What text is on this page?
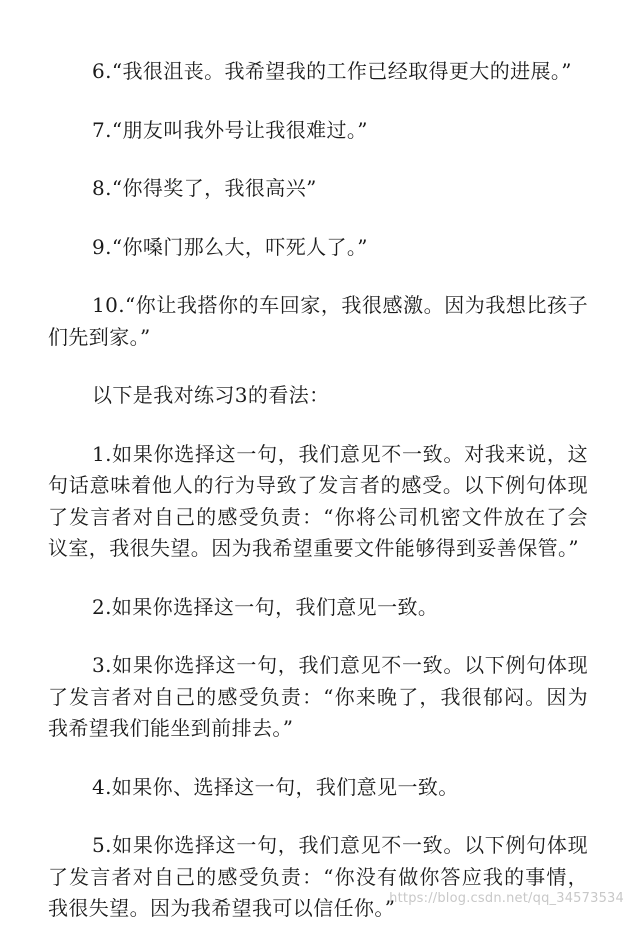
6.“我很沮丧。我希望我的工作已经取得更大的进展。”

7.“朋友叫我外号让我很难过。”

8.“你得奖了，我很高兴”

9.“你嗓门那么大，吓死人了。”

10.“你让我搭你的车回家，我很感激。因为我想比孩子们先到家。”

以下是我对练习3的看法：

1.如果你选择这一句，我们意见不一致。对我来说，这句话意味着他人的行为导致了发言者的感受。以下例句体现了发言者对自己的感受负责：“你将公司机密文件放在了会议室，我很失望。因为我希望重要文件能够得到妥善保管。”

2.如果你选择这一句，我们意见一致。

3.如果你选择这一句，我们意见不一致。以下例句体现了发言者对自己的感受负责：“你来晚了，我很郁闷。因为我希望我们能坐到前排去。”

4.如果你、选择这一句，我们意见一致。

5.如果你选择这一句，我们意见不一致。以下例句体现了发言者对自己的感受负责：“你没有做你答应我的事情，我很失望。因为我希望我可以信任你。”

https://blog.csdn.net/qq_34573534
